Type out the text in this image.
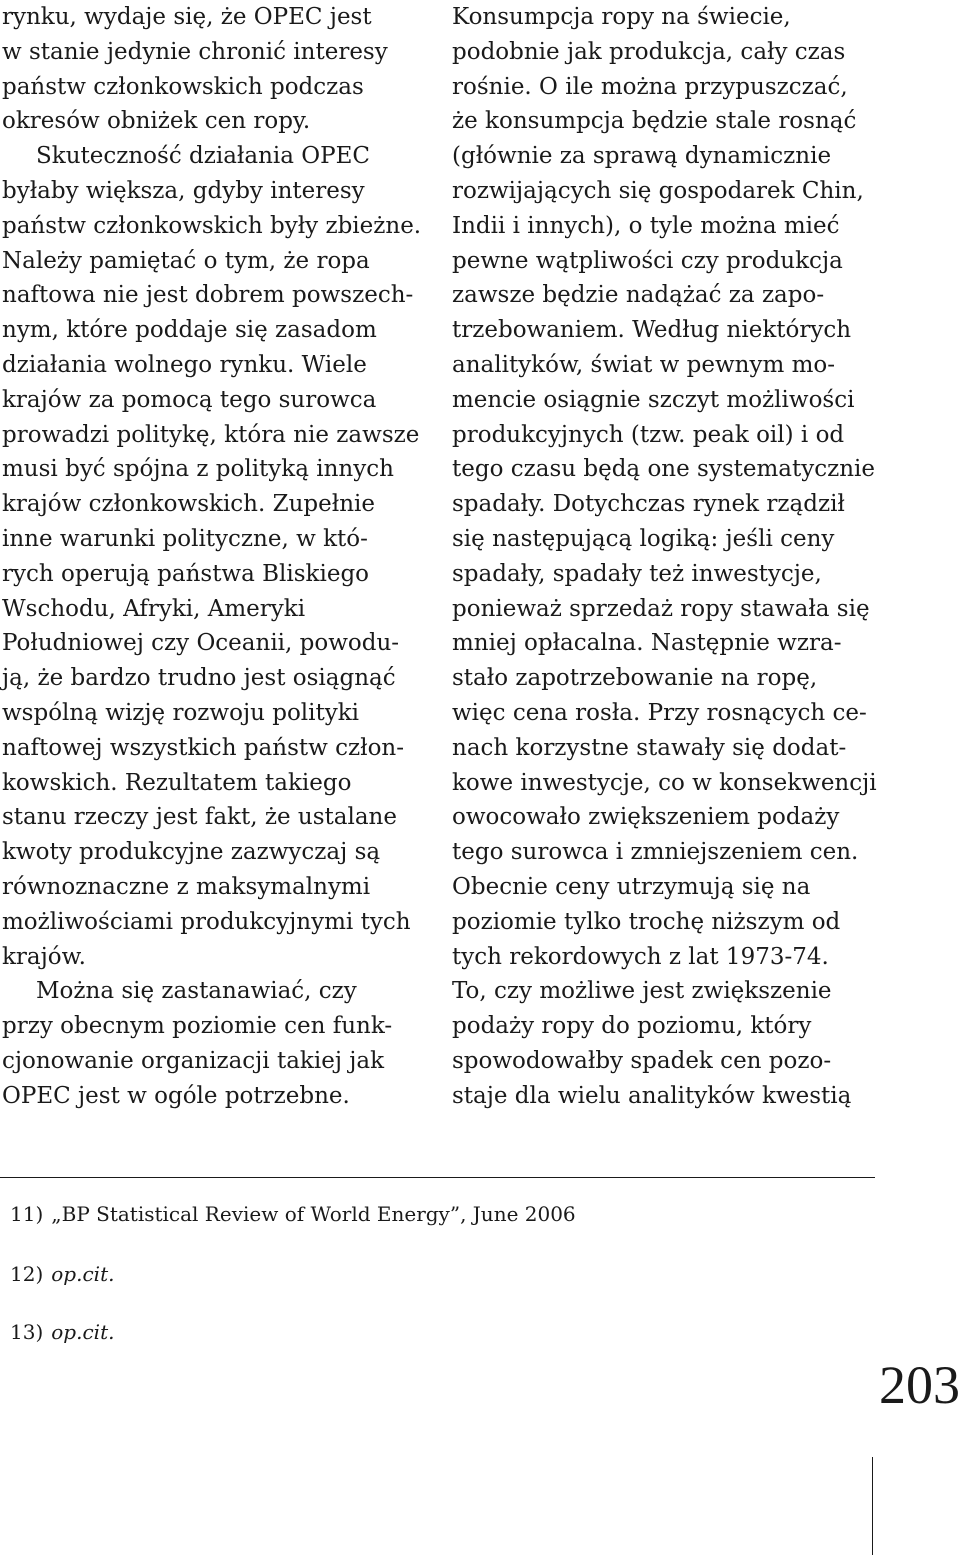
rynku, wydaje się, że OPEC jest
w stanie jedynie chronić interesy
państw członkowskich podczas
okresów obniżek cen ropy.
Skuteczność działania OPEC
byłaby większa, gdyby interesy
państw członkowskich były zbieżne.
Należy pamiętać o tym, że ropa
naftowa nie jest dobrem powszech-
nym, które poddaje się zasadom
działania wolnego rynku. Wiele
krajów za pomocą tego surowca
prowadzi politykę, która nie zawsze
musi być spójna z polityką innych
krajów członkowskich. Zupełnie
inne warunki polityczne, w któ-
rych operują państwa Bliskiego
Wschodu, Afryki, Ameryki
Południowej czy Oceanii, powodu-
ją, że bardzo trudno jest osiągnąć
wspólną wizję rozwoju polityki
naftowej wszystkich państw człon-
kowskich. Rezultatem takiego
stanu rzeczy jest fakt, że ustalane
kwoty produkcyjne zazwyczaj są
równoznaczne z maksymalnymi
możliwościami produkcyjnymi tych
krajów.
Można się zastanawiać, czy
przy obecnym poziomie cen funk-
cjonowanie organizacji takiej jak
OPEC jest w ogóle potrzebne.
Konsumpcja ropy na świecie,
podobnie jak produkcja, cały czas
rośnie. O ile można przypuszczać,
że konsumpcja będzie stale rosnąć
(głównie za sprawą dynamicznie
rozwijających się gospodarek Chin,
Indii i innych), o tyle można mieć
pewne wątpliwości czy produkcja
zawsze będzie nadążać za zapo-
trzebowaniem. Według niektórych
analityków, świat w pewnym mo-
mencie osiągnie szczyt możliwości
produkcyjnych (tzw. peak oil) i od
tego czasu będą one systematycznie
spadały. Dotychczas rynek rządził
się następującą logiką: jeśli ceny
spadały, spadały też inwestycje,
ponieważ sprzedaż ropy stawała się
mniej opłacalna. Następnie wzra-
stało zapotrzebowanie na ropę,
więc cena rosła. Przy rosnących ce-
nach korzystne stawały się dodat-
kowe inwestycje, co w konsekwencji
owocowało zwiększeniem podaży
tego surowca i zmniejszeniem cen.
Obecnie ceny utrzymują się na
poziomie tylko trochę niższym od
tych rekordowych z lat 1973-74.
To, czy możliwe jest zwiększenie
podaży ropy do poziomu, który
spowodowałby spadek cen pozo-
staje dla wielu analityków kwestią
11) „BP Statistical Review of World Energy”, June 2006
12) op.cit.
13) op.cit.
203
